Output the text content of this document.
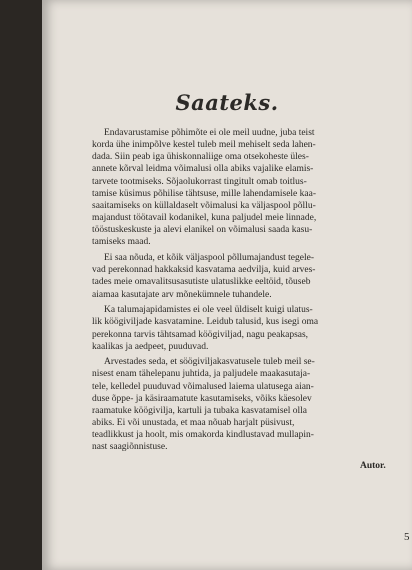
Saateks.
Endavarustamise põhimõte ei ole meil uudne, juba teist
korda ühe inimpõlve kestel tuleb meil mehiselt seda lahen-
dada. Siin peab iga ühiskonnaliige oma otsekoheste üles-
annete kõrval leidma võimalusi olla abiks vajalike elamis-
tarvete tootmiseks. Sõjaolukorrast tingitult omab toitlus-
tamise küsimus põhilise tähtsuse, mille lahendamisele kaa-
saaitamiseks on küllaldaselt võimalusi ka väljaspool põllu-
majandust töötavail kodanikel, kuna paljudel meie linnade,
tööstuskeskuste ja alevi elanikel on võimalusi saada kasu-
tamiseks maad.
Ei saa nõuda, et kõik väljaspool põllumajandust tegele-
vad perekonnad hakkaksid kasvatama aedvilja, kuid arves-
tades meie omavalitsusasutiste ulatuslikke eeltöid, tõuseb
aiamaa kasutajate arv mõnekümnele tuhandele.
Ka talumajapidamistes ei ole veel üldiselt kuigi ulatus-
lik köögiviljade kasvatamine. Leidub talusid, kus isegi oma
perekonna tarvis tähtsamad köögiviljad, nagu peakapsas,
kaalikas ja aedpeet, puuduvad.
Arvestades seda, et söögiviljakasvatusele tuleb meil se-
nisest enam tähelepanu juhtida, ja paljudele maakasutaja-
tele, kelledel puuduvad võimalused laiema ulatusega aian-
duse õppe- ja käsiraamatute kasutamiseks, võiks käesolev
raamatuke köögivilja, kartuli ja tubaka kasvatamisel olla
abiks. Ei või unustada, et maa nõuab harjalt püsivust,
teadlikkust ja hoolt, mis omakorda kindlustavad mullapin-
nast saagiõnnistuse.
Autor.
5
